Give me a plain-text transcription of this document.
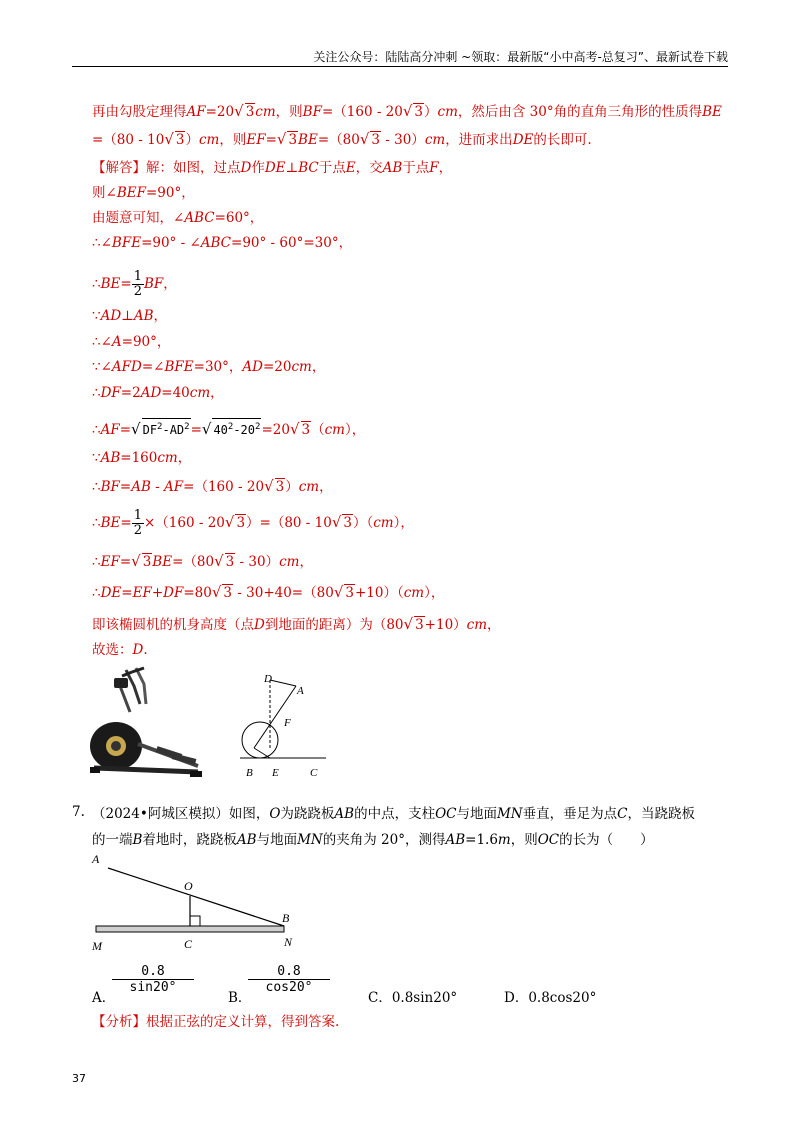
关注公众号：陆陆高分冲刺 ~领取：最新版“小中高考-总复习”、最新试卷下载
再由勾股定理得AF=20√ 3cm，则BF=（160 - 20√ 3）cm，然后由含 30°角的直角三角形的性质得BE
=（80 - 10√ 3）cm，则EF=√ 3BE=（80√ 3 - 30）cm，进而求出DE的长即可.
【解答】解：如图，过点D作DE⊥BC于点E，交AB于点F，
则∠BEF=90°，
由题意可知，∠ABC=60°，
∴∠BFE=90° - ∠ABC=90° - 60°=30°，
∴BE= $\frac{1}{2}$ BF，
∵AD⊥AB，
∴∠A=90°，
∵∠AFD=∠BFE=30°，AD=20cm，
∴DF=2AD=40cm，
∴AF=√ $DF^2-AD^2=√$ $40^2-20^2=20√$ 3（cm），
∵AB=160cm，
∴BF=AB - AF=（160 - 20√ 3）cm，
∴BE= $\frac{1}{2} \times(160 - 20√$ 3）=（80 - 10√ 3）（cm），
∴EF=√ 3BE=（80√ 3 - 30）cm，
∴DE=EF+DF=80√ 3 - 30+40=（80√ 3+10）（cm），
即该椭圆机的机身高度（点D到地面的距离）为（80√ 3+10）cm，
故选：D.
D
A
F
B E	C
7. （2024•阿城区模拟）如图，O为跷跷板AB的中点，支柱OC与地面MN垂直，垂足为点C，当跷跷板
的一端B着地时，跷跷板AB与地面MN的夹角为 20°，测得AB=1.6m，则OC的长为（　　）
A
O
B
M	C	N
A．
$\frac{0.8}{\sin 20^\circ}$
B．
$\frac{0.8}{\cos 20^\circ}$
C．0.8sin20°	D．0.8cos20°
【分析】根据正弦的定义计算，得到答案.
37
